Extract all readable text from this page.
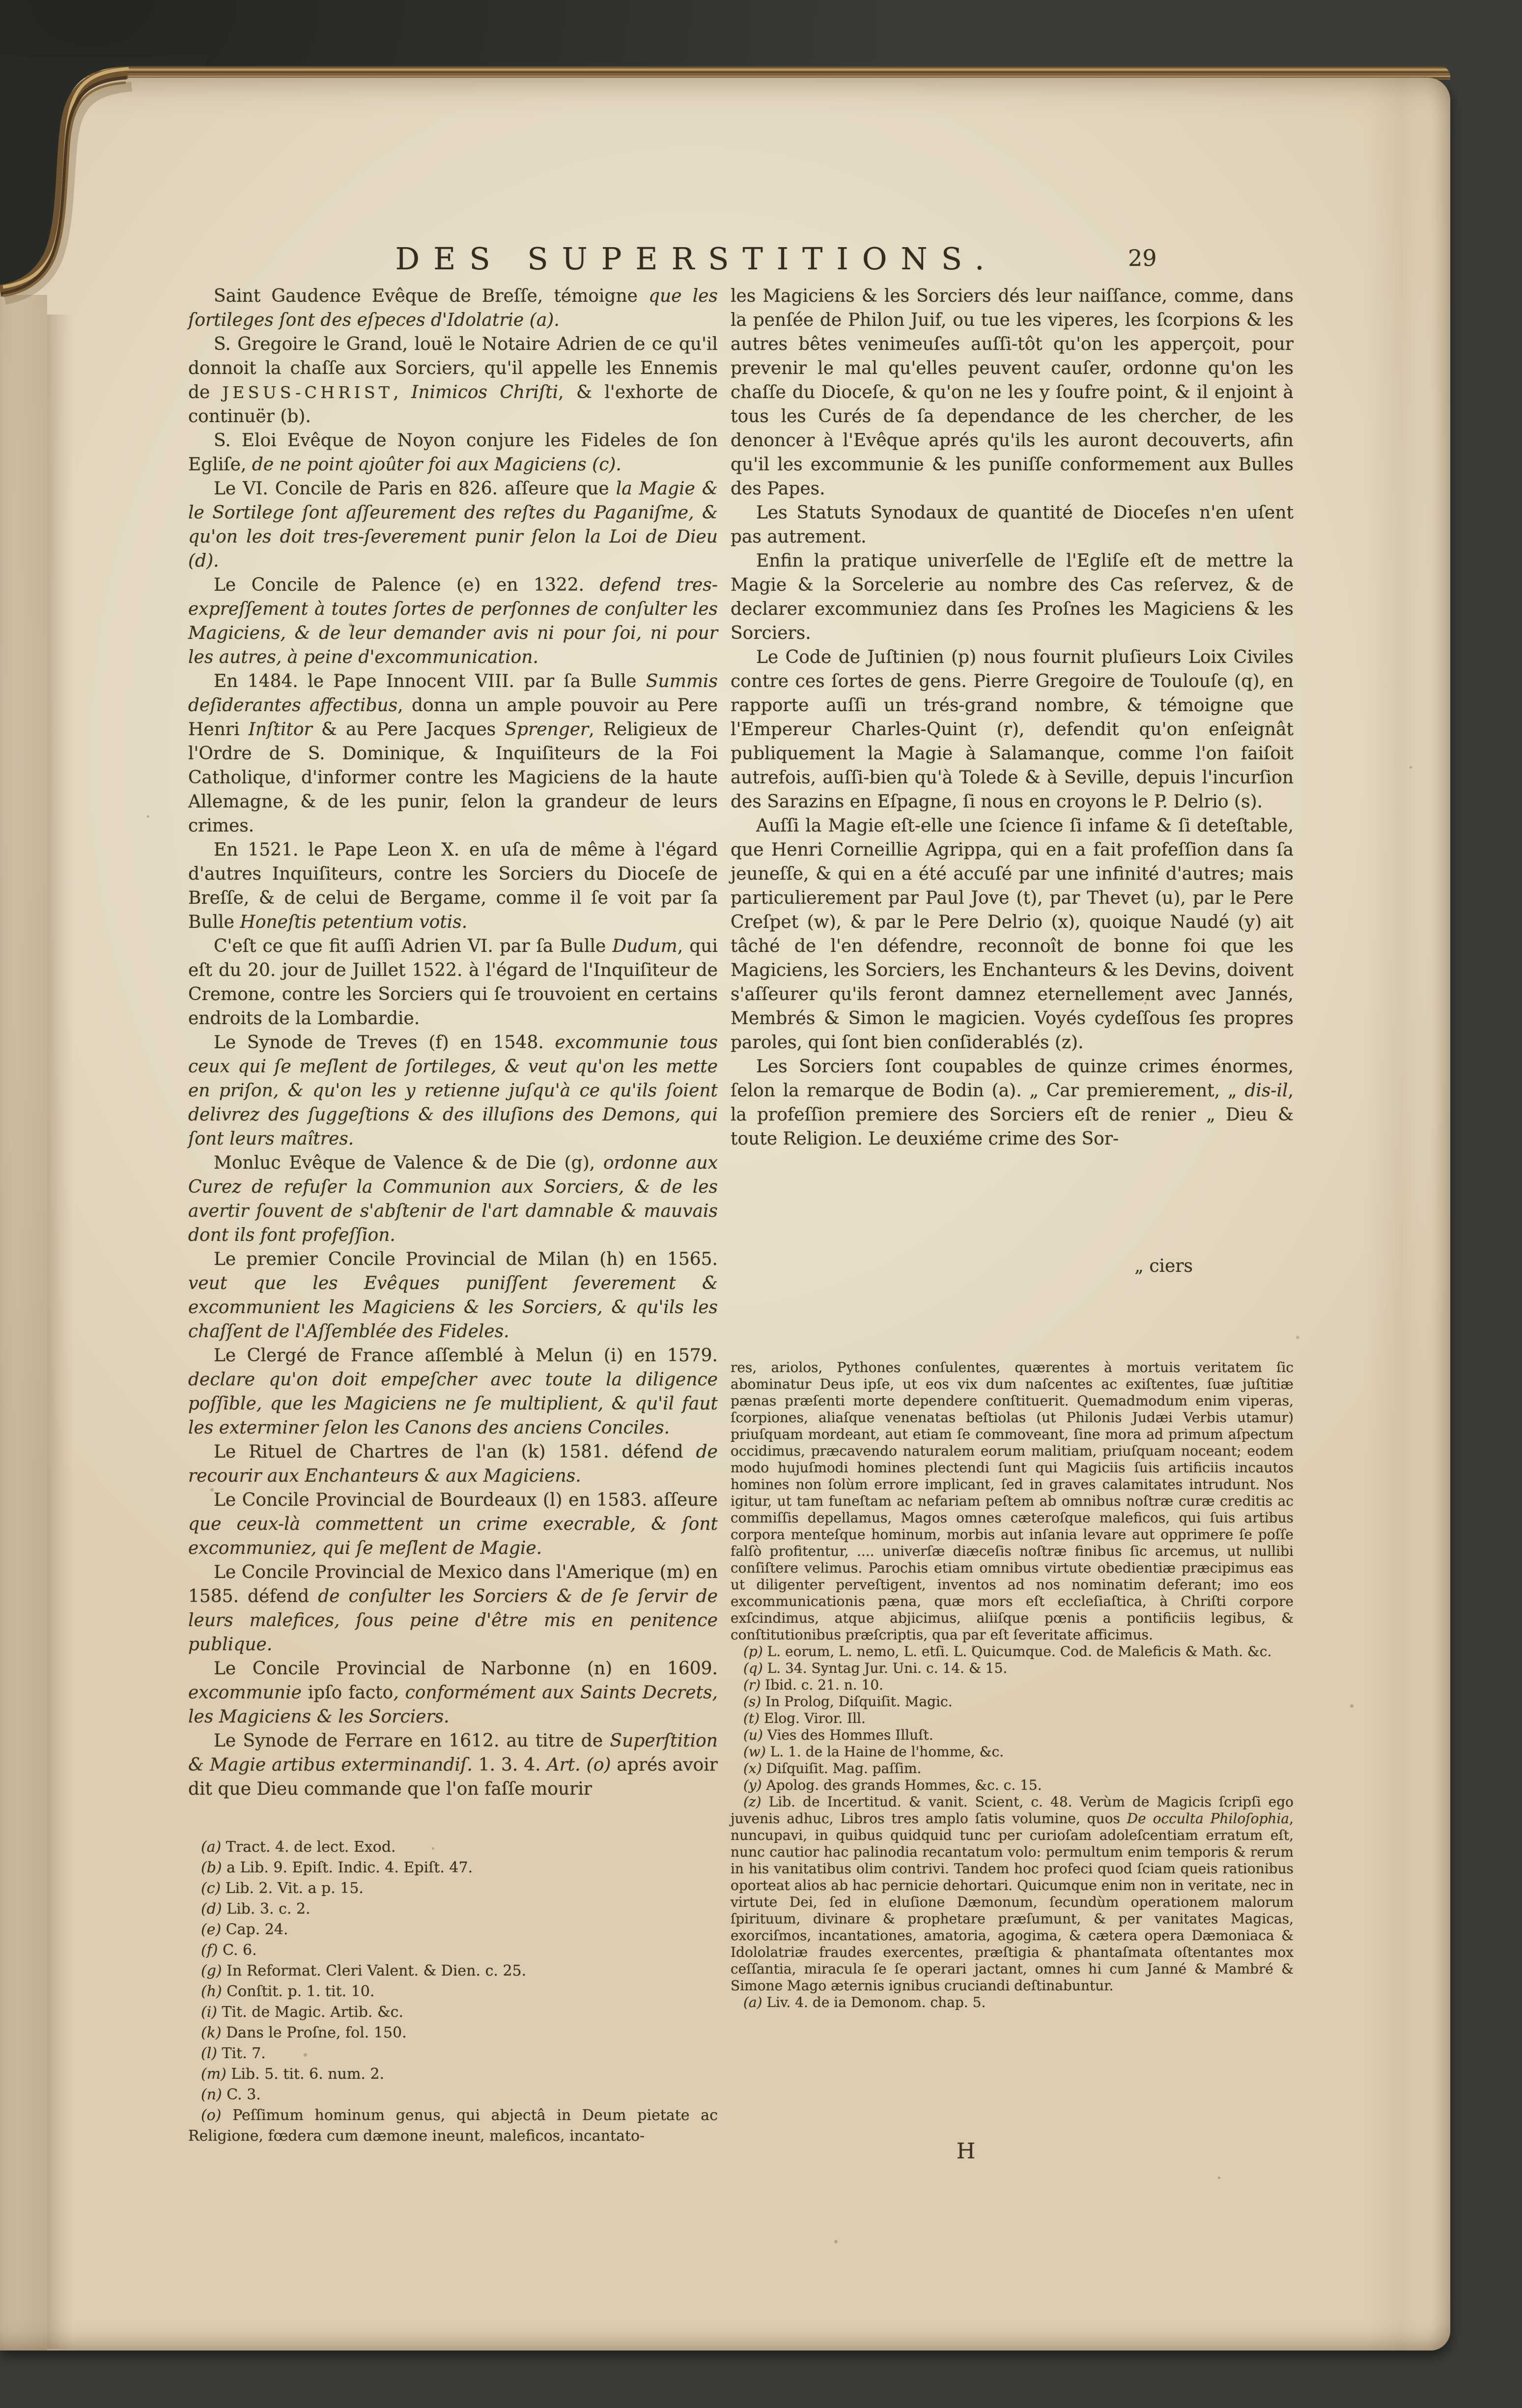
DES SUPERSTITIONS.	29

Saint Gaudence Evêque de Breſſe, témoigne que les ſortileges ſont des eſpeces d'Idolatrie (a).

S. Gregoire le Grand, louë le Notaire Adrien de ce qu'il donnoit la chaſſe aux Sorciers, qu'il appelle les Ennemis de JESUS-CHRIST, Inimicos Chriſti, & l'exhorte de continuër (b).

S. Eloi Evêque de Noyon conjure les Fideles de ſon Egliſe, de ne point ajoûter foi aux Magiciens (c).

Le VI. Concile de Paris en 826. aſſeure que la Magie & le Sortilege ſont aſſeurement des reſtes du Paganiſme, & qu'on les doit tres-ſeverement punir ſelon la Loi de Dieu (d).

Le Concile de Palence (e) en 1322. defend tres-expreſſement à toutes ſortes de perſonnes de conſulter les Magiciens, & de leur demander avis ni pour ſoi, ni pour les autres, à peine d'excommunication.

En 1484. le Pape Innocent VIII. par ſa Bulle Summis deſiderantes affectibus, donna un ample pouvoir au Pere Henri Inſtitor & au Pere Jacques Sprenger, Religieux de l'Ordre de S. Dominique, & Inquiſiteurs de la Foi Catholique, d'informer contre les Magiciens de la haute Allemagne, & de les punir, ſelon la grandeur de leurs crimes.

En 1521. le Pape Leon X. en uſa de même à l'égard d'autres Inquiſiteurs, contre les Sorciers du Dioceſe de Breſſe, & de celui de Bergame, comme il ſe voit par ſa Bulle Honeſtis petentium votis.

C'eſt ce que fit auſſi Adrien VI. par ſa Bulle Dudum, qui eſt du 20. jour de Juillet 1522. à l'égard de l'Inquiſiteur de Cremone, contre les Sorciers qui ſe trouvoient en certains endroits de la Lombardie.

Le Synode de Treves (f) en 1548. excommunie tous ceux qui ſe meſlent de ſortileges, & veut qu'on les mette en priſon, & qu'on les y retienne juſqu'à ce qu'ils ſoient delivrez des ſuggeſtions & des illuſions des Demons, qui ſont leurs maîtres.

Monluc Evêque de Valence & de Die (g), ordonne aux Curez de refuſer la Communion aux Sorciers, & de les avertir ſouvent de s'abſtenir de l'art damnable & mauvais dont ils font profeſſion.

Le premier Concile Provincial de Milan (h) en 1565. veut que les Evêques puniſſent ſeverement & excommunient les Magiciens & les Sorciers, & qu'ils les chaſſent de l'Aſſemblée des Fideles.

Le Clergé de France aſſemblé à Melun (i) en 1579. declare qu'on doit empeſcher avec toute la diligence poſſible, que les Magiciens ne ſe multiplient, & qu'il faut les exterminer ſelon les Canons des anciens Conciles.

Le Rituel de Chartres de l'an (k) 1581. défend de recourir aux Enchanteurs & aux Magiciens.

Le Concile Provincial de Bourdeaux (l) en 1583. aſſeure que ceux-là commettent un crime execrable, & ſont excommuniez, qui ſe meſlent de Magie.

Le Concile Provincial de Mexico dans l'Amerique (m) en 1585. défend de conſulter les Sorciers & de ſe ſervir de leurs malefices, ſous peine d'être mis en penitence publique.

Le Concile Provincial de Narbonne (n) en 1609. excommunie ipſo facto, conformément aux Saints Decrets, les Magiciens & les Sorciers.

Le Synode de Ferrare en 1612. au titre de Superſtition & Magie artibus exterminandiſ. 1. 3. 4. Art. (o) aprés avoir dit que Dieu commande que l'on faſſe mourir

les Magiciens & les Sorciers dés leur naiſſance, comme, dans la penſée de Philon Juif, ou tue les viperes, les ſcorpions & les autres bêtes venimeuſes auſſi-tôt qu'on les apperçoit, pour prevenir le mal qu'elles peuvent cauſer, ordonne qu'on les chaſſe du Dioceſe, & qu'on ne les y ſoufre point, & il enjoint à tous les Curés de ſa dependance de les chercher, de les denoncer à l'Evêque aprés qu'ils les auront decouverts, afin qu'il les excommunie & les puniſſe conformement aux Bulles des Papes.

Les Statuts Synodaux de quantité de Dioceſes n'en uſent pas autrement.

Enfin la pratique univerſelle de l'Egliſe eſt de mettre la Magie & la Sorcelerie au nombre des Cas reſervez, & de declarer excommuniez dans ſes Proſnes les Magiciens & les Sorciers.

Le Code de Juſtinien (p) nous fournit pluſieurs Loix Civiles contre ces ſortes de gens. Pierre Gregoire de Toulouſe (q), en rapporte auſſi un trés-grand nombre, & témoigne que l'Empereur Charles-Quint (r), defendit qu'on enſeignât publiquement la Magie à Salamanque, comme l'on faiſoit autrefois, auſſi-bien qu'à Tolede & à Seville, depuis l'incurſion des Sarazins en Eſpagne, ſi nous en croyons le P. Delrio (s).

Auſſi la Magie eſt-elle une ſcience ſi infame & ſi deteſtable, que Henri Corneillie Agrippa, qui en a fait profeſſion dans ſa jeuneſſe, & qui en a été accuſé par une infinité d'autres; mais particulierement par Paul Jove (t), par Thevet (u), par le Pere Creſpet (w), & par le Pere Delrio (x), quoique Naudé (y) ait tâché de l'en défendre, reconnoît de bonne foi que les Magiciens, les Sorciers, les Enchanteurs & les Devins, doivent s'aſſeurer qu'ils feront damnez eternellement avec Jannés, Membrés & Simon le magicien. Voyés cydeſſous ſes propres paroles, qui ſont bien conſiderablés (z).

Les Sorciers ſont coupables de quinze crimes énormes, ſelon la remarque de Bodin (a). „ Car premierement, „ dis-il, la profeſſion premiere des Sorciers eſt de renier „ Dieu & toute Religion. Le deuxiéme crime des Sor-

„ ciers

(a) Tract. 4. de lect. Exod.

(b) a Lib. 9. Epiſt. Indic. 4. Epiſt. 47.

(c) Lib. 2. Vit. a p. 15.

(d) Lib. 3. c. 2.

(e) Cap. 24.

(f) C. 6.

(g) In Reformat. Cleri Valent. & Dien. c. 25.

(h) Conſtit. p. 1. tit. 10.

(i) Tit. de Magic. Artib. &c.

(k) Dans le Proſne, fol. 150.

(l) Tit. 7.

(m) Lib. 5. tit. 6. num. 2.

(n) C. 3.

(o) Peſſimum hominum genus, qui abjectâ in Deum pietate ac Religione, fœdera cum dæmone ineunt, maleficos, incantato-

res, ariolos, Pythones conſulentes, quærentes à mortuis veritatem ſic abominatur Deus ipſe, ut eos vix dum naſcentes ac exiſtentes, ſuæ juſtitiæ pænas præſenti morte dependere conſtituerit. Quemadmodum enim viperas, ſcorpiones, aliaſque venenatas beſtiolas (ut Philonis Judæi Verbis utamur) priuſquam mordeant, aut etiam ſe commoveant, ſine mora ad primum aſpectum occidimus, præcavendo naturalem eorum malitiam, priuſquam noceant; eodem modo hujuſmodi homines plectendi ſunt qui Magiciis ſuis artificiis incautos homines non ſolùm errore implicant, ſed in graves calamitates intrudunt. Nos igitur, ut tam funeſtam ac nefariam peſtem ab omnibus noſtræ curæ creditis ac commiſſis depellamus, Magos omnes cæteroſque maleficos, qui ſuis artibus corpora menteſque hominum, morbis aut inſania levare aut opprimere ſe poſſe falſò profitentur, .... univerſæ diæceſis noſtræ finibus ſic arcemus, ut nullibi conſiſtere velimus. Parochis etiam omnibus virtute obedientiæ præcipimus eas ut diligenter perveſtigent, inventos ad nos nominatim deferant; imo eos excommunicationis pæna, quæ mors eſt eccleſiaſtica, à Chriſti corpore exſcindimus, atque abjicimus, aliiſque pœnis a pontificiis legibus, & conſtitutionibus præſcriptis, qua par eſt ſeveritate afficimus.

(p) L. eorum, L. nemo, L. etſi. L. Quicumque. Cod. de Maleficis & Math. &c.

(q) L. 34. Syntag Jur. Uni. c. 14. & 15.

(r) Ibid. c. 21. n. 10.

(s) In Prolog, Diſquiſit. Magic.

(t) Elog. Viror. Ill.

(u) Vies des Hommes Illuſt.

(w) L. 1. de la Haine de l'homme, &c.

(x) Diſquiſit. Mag. paſſim.

(y) Apolog. des grands Hommes, &c. c. 15.

(z) Lib. de Incertitud. & vanit. Scient, c. 48. Verùm de Magicis ſcripſi ego juvenis adhuc, Libros tres amplo ſatis volumine, quos De occulta Philoſophia, nuncupavi, in quibus quidquid tunc per curioſam adoleſcentiam erratum eſt, nunc cautior hac palinodia recantatum volo: permultum enim temporis & rerum in his vanitatibus olim contrivi. Tandem hoc profeci quod ſciam queis rationibus oporteat alios ab hac pernicie dehortari. Quicumque enim non in veritate, nec in virtute Dei, ſed in eluſione Dæmonum, ſecundùm operationem malorum ſpirituum, divinare & prophetare præſumunt, & per vanitates Magicas, exorciſmos, incantationes, amatoria, agogima, & cætera opera Dæmoniaca & Idololatriæ fraudes exercentes, præſtigia & phantaſmata oſtentantes mox ceſſantia, miracula ſe ſe operari jactant, omnes hi cum Janné & Mambré & Simone Mago æternis ignibus cruciandi deſtinabuntur.

(a) Liv. 4. de ia Demonom. chap. 5.

H
